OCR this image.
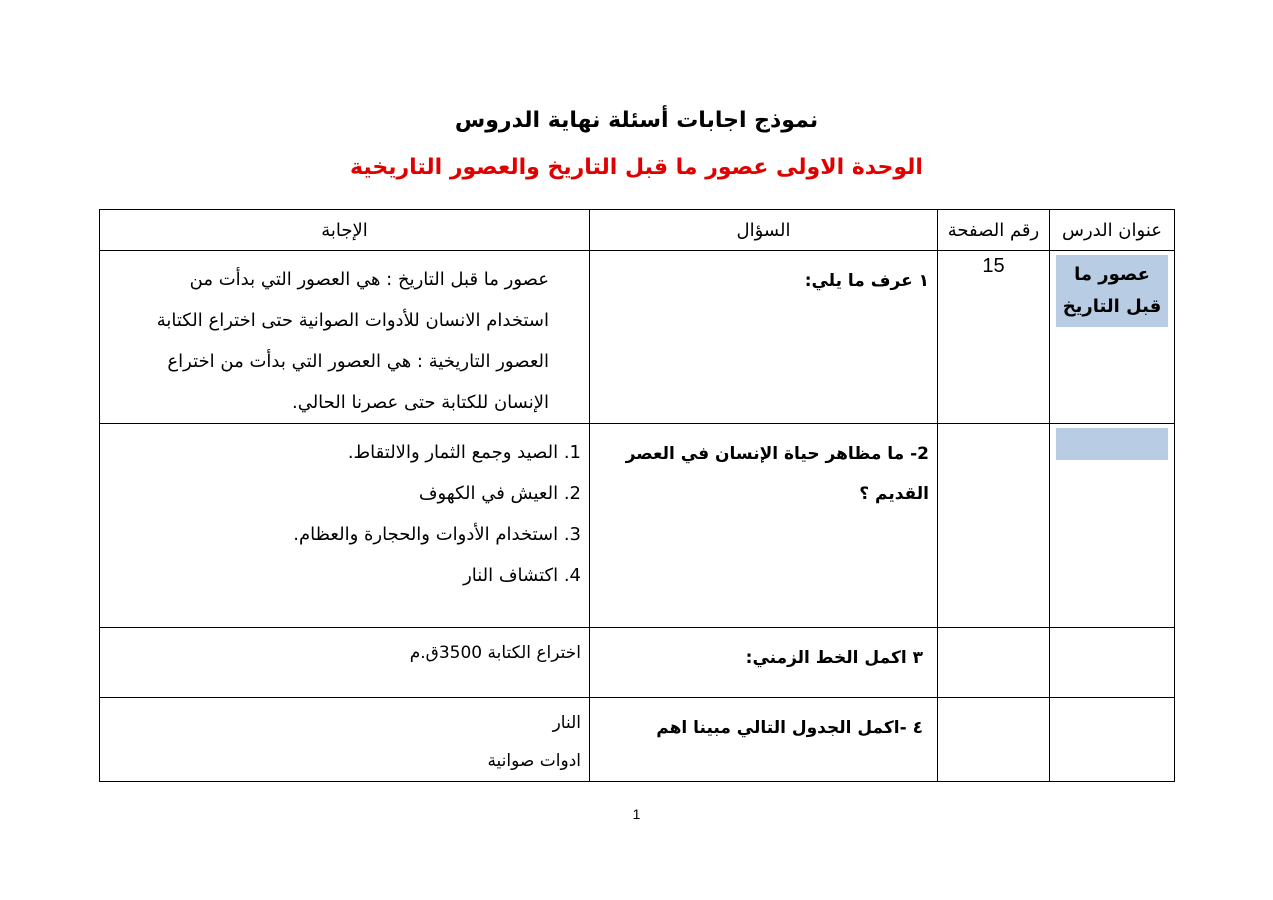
نموذج اجابات أسئلة نهاية الدروس
الوحدة الاولى عصور ما قبل التاريخ والعصور التاريخية
عنوان الدرس	رقم الصفحة	السؤال	الإجابة

عصور ما قبل التاريخ	15	١ عرف ما يلي:	عصور ما قبل التاريخ : هي العصور التي بدأت من
استخدام الانسان للأدوات الصوانية حتى اختراع الكتابة
العصور التاريخية : هي العصور التي بدأت من اختراع
الإنسان للكتابة حتى عصرنا الحالي.

		2- ما مظاهر حياة الإنسان في العصر القديم ؟	1. الصيد وجمع الثمار والالتقاط.
2. العيش في الكهوف
3. استخدام الأدوات والحجارة والعظام.
4. اكتشاف النار

		٣ اكمل الخط الزمني:	اختراع الكتابة 3500ق.م
		٤ -اكمل الجدول التالي مبينا اهم	النار
ادوات صوانية
1
